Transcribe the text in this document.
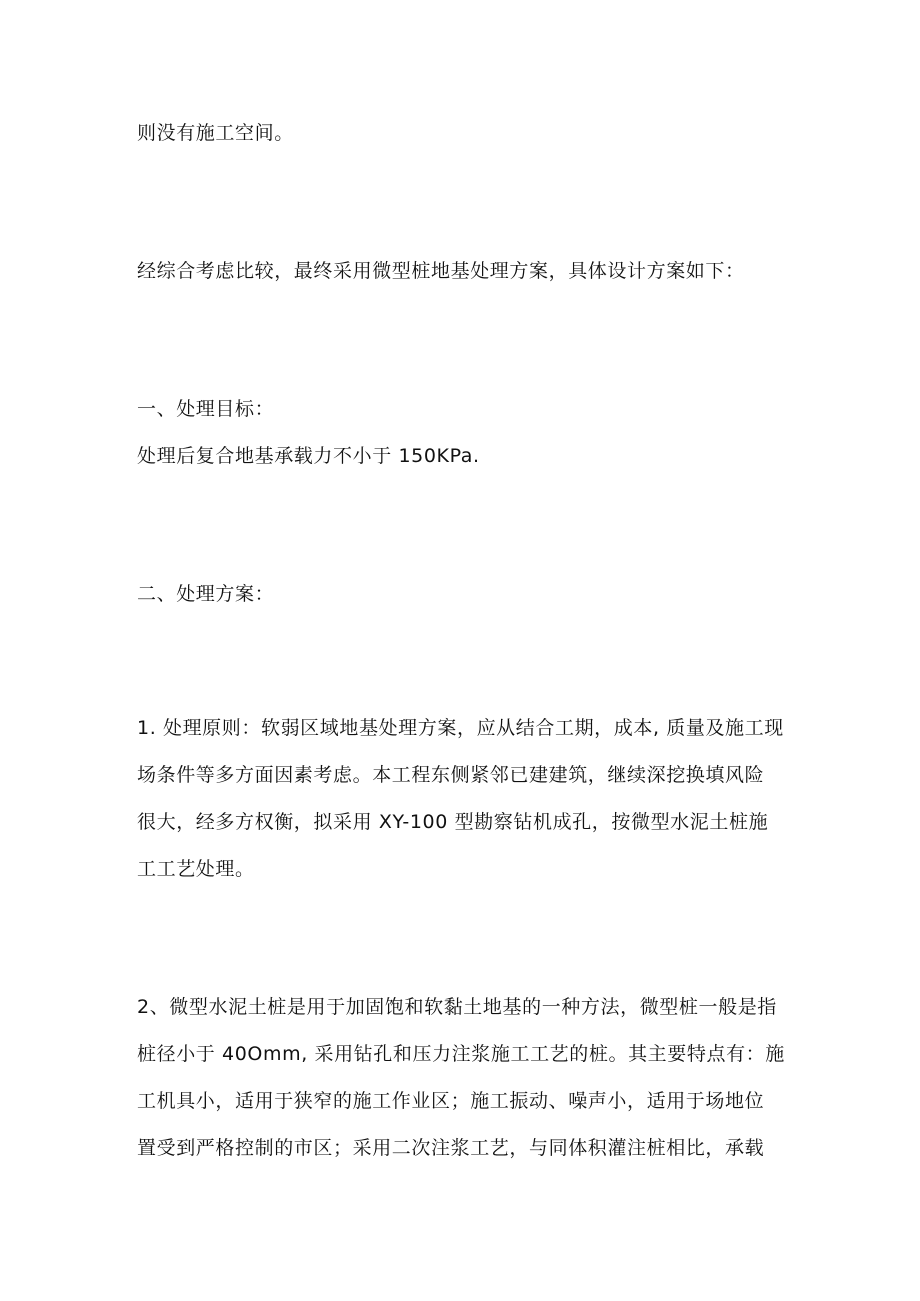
则没有施工空间。
经综合考虑比较，最终采用微型桩地基处理方案，具体设计方案如下：
一、处理目标：
处理后复合地基承载力不小于 150KPa.
二、处理方案：
1. 处理原则：软弱区域地基处理方案，应从结合工期，成本, 质量及施工现
场条件等多方面因素考虑。本工程东侧紧邻已建建筑，继续深挖换填风险
很大，经多方权衡，拟采用 XY-100 型勘察钻机成孔，按微型水泥土桩施
工工艺处理。
2、微型水泥土桩是用于加固饱和软黏土地基的一种方法，微型桩一般是指
桩径小于 40Omm, 采用钻孔和压力注浆施工工艺的桩。其主要特点有：施
工机具小，适用于狭窄的施工作业区；施工振动、噪声小，适用于场地位
置受到严格控制的市区；采用二次注浆工艺，与同体积灌注桩相比，承载
